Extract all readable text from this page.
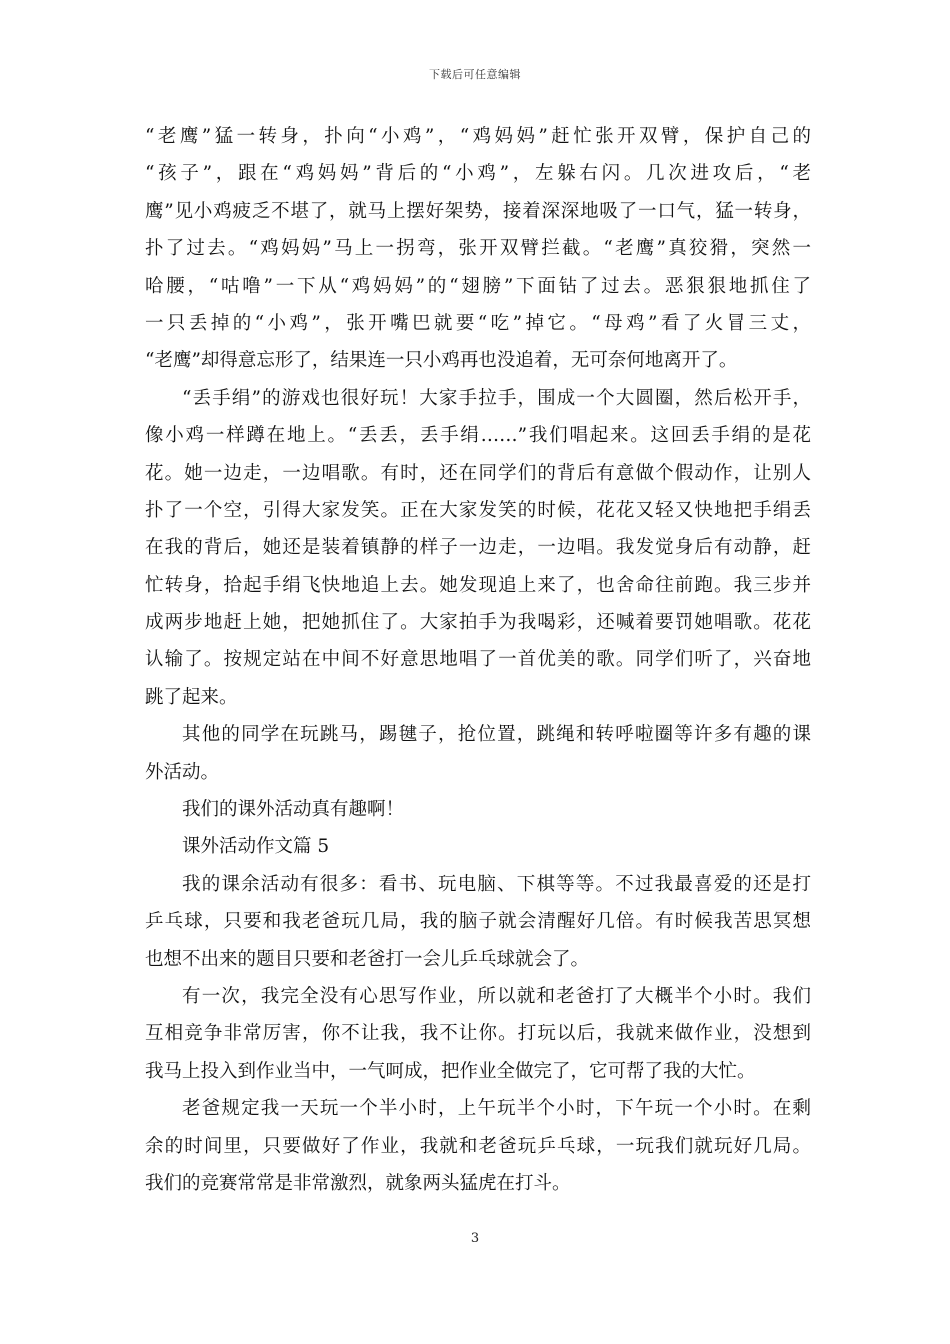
下载后可任意编辑
“老鹰”猛一转身，扑向“小鸡”，“鸡妈妈”赶忙张开双臂，保护自己的
“孩子”，跟在“鸡妈妈”背后的“小鸡”，左躲右闪。几次进攻后，“老
鹰”见小鸡疲乏不堪了，就马上摆好架势，接着深深地吸了一口气，猛一转身，
扑了过去。“鸡妈妈”马上一拐弯，张开双臂拦截。“老鹰”真狡猾，突然一
哈腰，“咕噜”一下从“鸡妈妈”的“翅膀”下面钻了过去。恶狠狠地抓住了
一只丢掉的“小鸡”，张开嘴巴就要“吃”掉它。“母鸡”看了火冒三丈，
“老鹰”却得意忘形了，结果连一只小鸡再也没追着，无可奈何地离开了。
“丢手绢”的游戏也很好玩！大家手拉手，围成一个大圆圈，然后松开手，
像小鸡一样蹲在地上。“丢丢，丢手绢……”我们唱起来。这回丢手绢的是花
花。她一边走，一边唱歌。有时，还在同学们的背后有意做个假动作，让别人
扑了一个空，引得大家发笑。正在大家发笑的时候，花花又轻又快地把手绢丢
在我的背后，她还是装着镇静的样子一边走，一边唱。我发觉身后有动静，赶
忙转身，拾起手绢飞快地追上去。她发现追上来了，也舍命往前跑。我三步并
成两步地赶上她，把她抓住了。大家拍手为我喝彩，还喊着要罚她唱歌。花花
认输了。按规定站在中间不好意思地唱了一首优美的歌。同学们听了，兴奋地
跳了起来。
其他的同学在玩跳马，踢毽子，抢位置，跳绳和转呼啦圈等许多有趣的课
外活动。
我们的课外活动真有趣啊！
课外活动作文篇 5
我的课余活动有很多：看书、玩电脑、下棋等等。不过我最喜爱的还是打
乒乓球，只要和我老爸玩几局，我的脑子就会清醒好几倍。有时候我苦思冥想
也想不出来的题目只要和老爸打一会儿乒乓球就会了。
有一次，我完全没有心思写作业，所以就和老爸打了大概半个小时。我们
互相竞争非常厉害，你不让我，我不让你。打玩以后，我就来做作业，没想到
我马上投入到作业当中，一气呵成，把作业全做完了，它可帮了我的大忙。
老爸规定我一天玩一个半小时，上午玩半个小时，下午玩一个小时。在剩
余的时间里，只要做好了作业，我就和老爸玩乒乓球，一玩我们就玩好几局。
我们的竞赛常常是非常激烈，就象两头猛虎在打斗。
3
